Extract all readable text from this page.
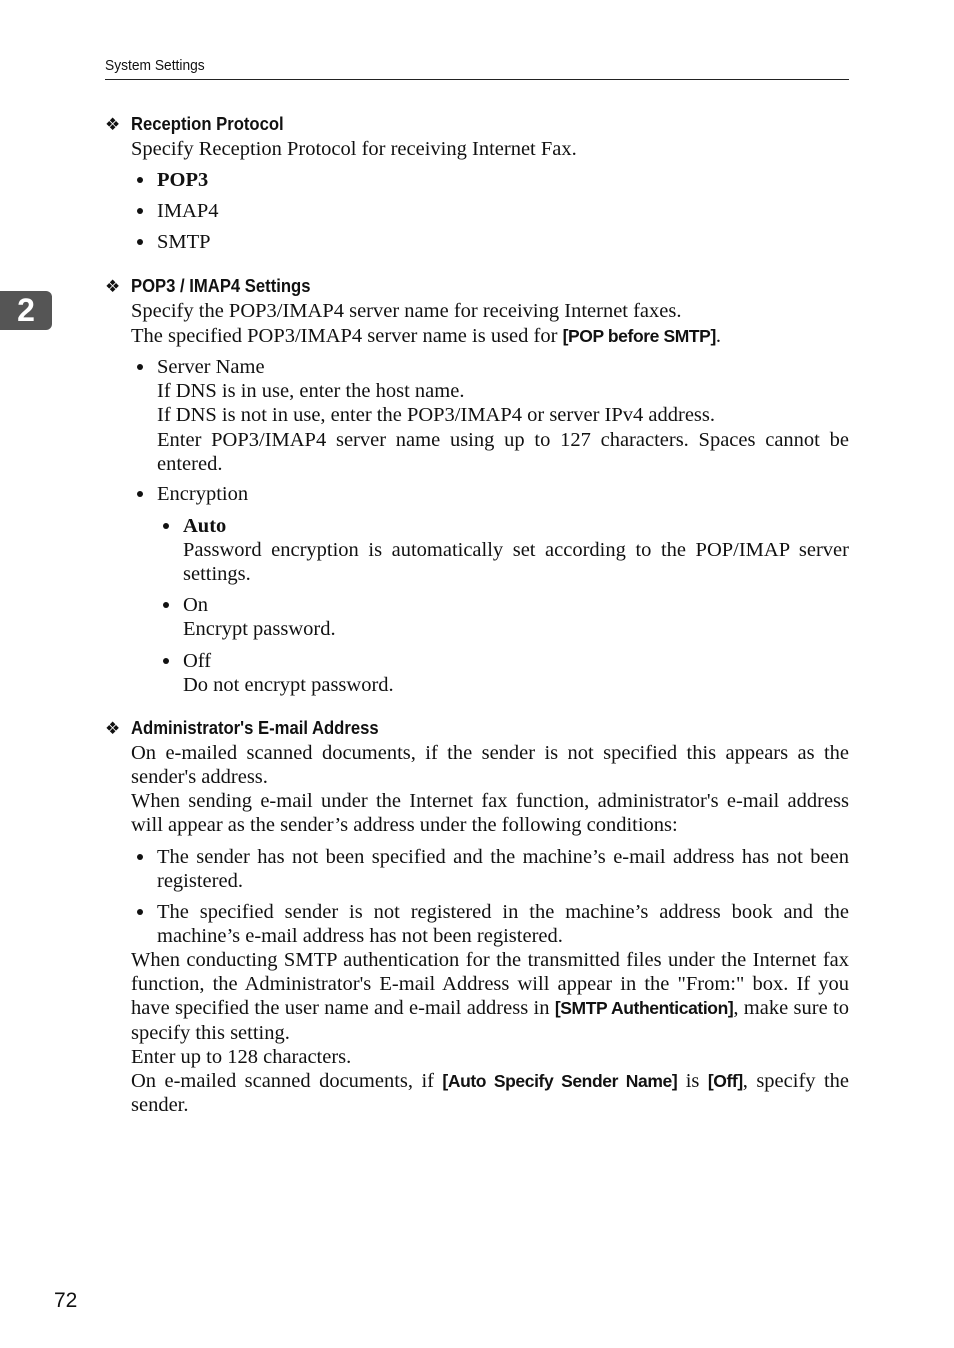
System Settings
2
❖ Reception Protocol
Specify Reception Protocol for receiving Internet Fax.
POP3
IMAP4
SMTP
❖ POP3 / IMAP4 Settings
Specify the POP3/IMAP4 server name for receiving Internet faxes.
The specified POP3/IMAP4 server name is used for [POP before SMTP].
Server Name
If DNS is in use, enter the host name.
If DNS is not in use, enter the POP3/IMAP4 or server IPv4 address.
Enter POP3/IMAP4 server name using up to 127 characters. Spaces cannot be entered.
Encryption
Auto
Password encryption is automatically set according to the POP/IMAP server settings.
On
Encrypt password.
Off
Do not encrypt password.
❖ Administrator's E-mail Address
On e-mailed scanned documents, if the sender is not specified this appears as the sender's address.
When sending e-mail under the Internet fax function, administrator's e-mail address will appear as the sender’s address under the following conditions:
The sender has not been specified and the machine’s e-mail address has not been registered.
The specified sender is not registered in the machine’s address book and the machine’s e-mail address has not been registered.
When conducting SMTP authentication for the transmitted files under the Internet fax function, the Administrator's E-mail Address will appear in the "From:" box. If you have specified the user name and e-mail address in [SMTP Authentication], make sure to specify this setting.
Enter up to 128 characters.
On e-mailed scanned documents, if [Auto Specify Sender Name] is [Off], specify the sender.
72
